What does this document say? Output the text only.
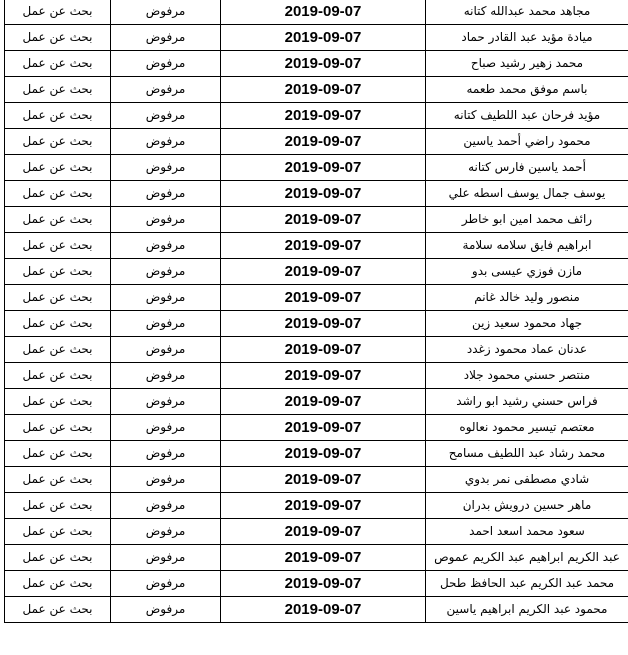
بحث عن عمل	مرفوض	2019-09-07	مجاهد محمد عبدالله كتانه
بحث عن عمل	مرفوض	2019-09-07	ميادة مؤيد عبد القادر حماد
بحث عن عمل	مرفوض	2019-09-07	محمد زهير رشيد صباح
بحث عن عمل	مرفوض	2019-09-07	باسم موفق محمد طعمه
بحث عن عمل	مرفوض	2019-09-07	مؤيد فرحان عبد اللطيف كتانه
بحث عن عمل	مرفوض	2019-09-07	محمود راضي أحمد ياسين
بحث عن عمل	مرفوض	2019-09-07	أحمد ياسين فارس كتانه
بحث عن عمل	مرفوض	2019-09-07	يوسف جمال يوسف اسطه علي
بحث عن عمل	مرفوض	2019-09-07	رائف محمد امين ابو خاطر
بحث عن عمل	مرفوض	2019-09-07	ابراهيم فايق سلامه سلامة
بحث عن عمل	مرفوض	2019-09-07	مازن فوزي عيسى بدو
بحث عن عمل	مرفوض	2019-09-07	منصور وليد خالد غانم
بحث عن عمل	مرفوض	2019-09-07	جهاد محمود سعيد زين
بحث عن عمل	مرفوض	2019-09-07	عدنان عماد محمود زغدد
بحث عن عمل	مرفوض	2019-09-07	منتصر حسني محمود جلاد
بحث عن عمل	مرفوض	2019-09-07	فراس حسني رشيد ابو راشد
بحث عن عمل	مرفوض	2019-09-07	معتصم تيسير محمود نعالوه
بحث عن عمل	مرفوض	2019-09-07	محمد رشاد عبد اللطيف مسامح
بحث عن عمل	مرفوض	2019-09-07	شادي مصطفى نمر بدوي
بحث عن عمل	مرفوض	2019-09-07	ماهر حسين درويش بدران
بحث عن عمل	مرفوض	2019-09-07	سعود محمد اسعد احمد
بحث عن عمل	مرفوض	2019-09-07	عبد الكريم ابراهيم عبد الكريم عموص
بحث عن عمل	مرفوض	2019-09-07	محمد عبد الكريم عبد الحافظ طحل
بحث عن عمل	مرفوض	2019-09-07	محمود عبد الكريم ابراهيم ياسين
